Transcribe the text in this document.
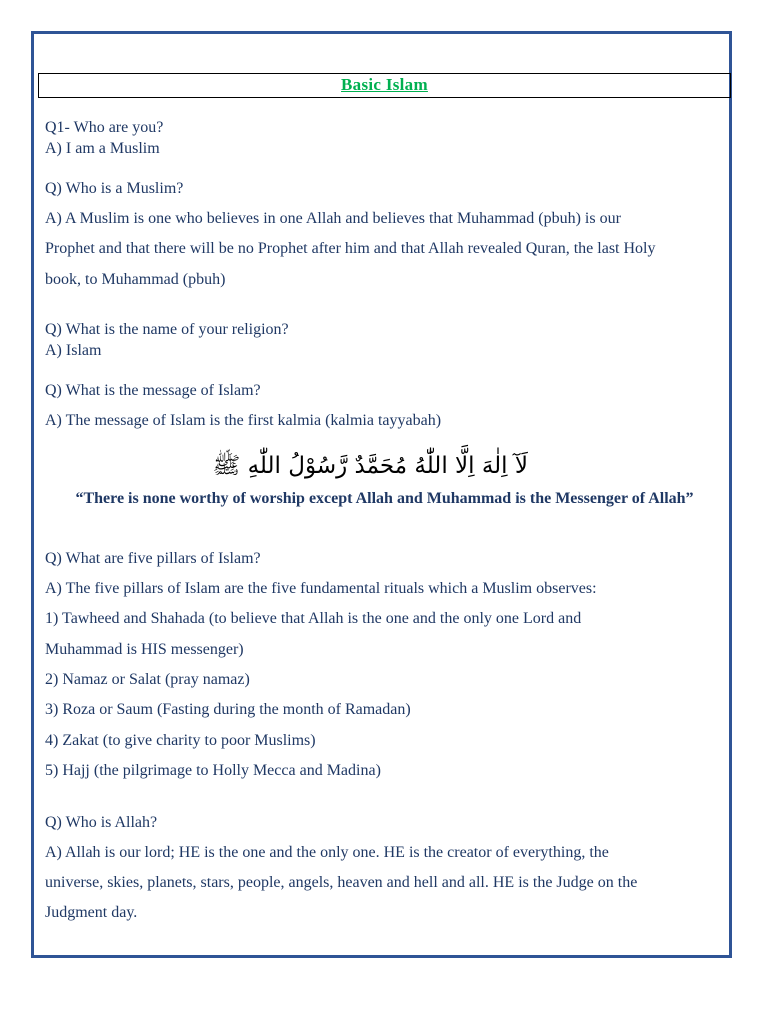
Basic Islam
Q1- Who are you?
A) I am a Muslim
Q) Who is a Muslim?
A) A Muslim is one who believes in one Allah and believes that Muhammad (pbuh) is our
Prophet and that there will be no Prophet after him and that Allah revealed Quran, the last Holy
book, to Muhammad (pbuh)
Q) What is the name of your religion?
A) Islam
Q) What is the message of Islam?
A) The message of Islam is the first kalmia (kalmia tayyabah)
لَآ اِلٰهَ اِلَّا اللّٰهُ مُحَمَّدٌ رَّسُوْلُ اللّٰهِ ﷺ
“There is none worthy of worship except Allah and Muhammad is the Messenger of Allah”
Q) What are five pillars of Islam?
A) The five pillars of Islam are the five fundamental rituals which a Muslim observes:
1) Tawheed and Shahada (to believe that Allah is the one and the only one Lord and
Muhammad is HIS messenger)
2) Namaz or Salat (pray namaz)
3) Roza or Saum (Fasting during the month of Ramadan)
4) Zakat (to give charity to poor Muslims)
5) Hajj (the pilgrimage to Holly Mecca and Madina)
Q) Who is Allah?
A) Allah is our lord; HE is the one and the only one. HE is the creator of everything, the
universe, skies, planets, stars, people, angels, heaven and hell and all. HE is the Judge on the
Judgment day.
